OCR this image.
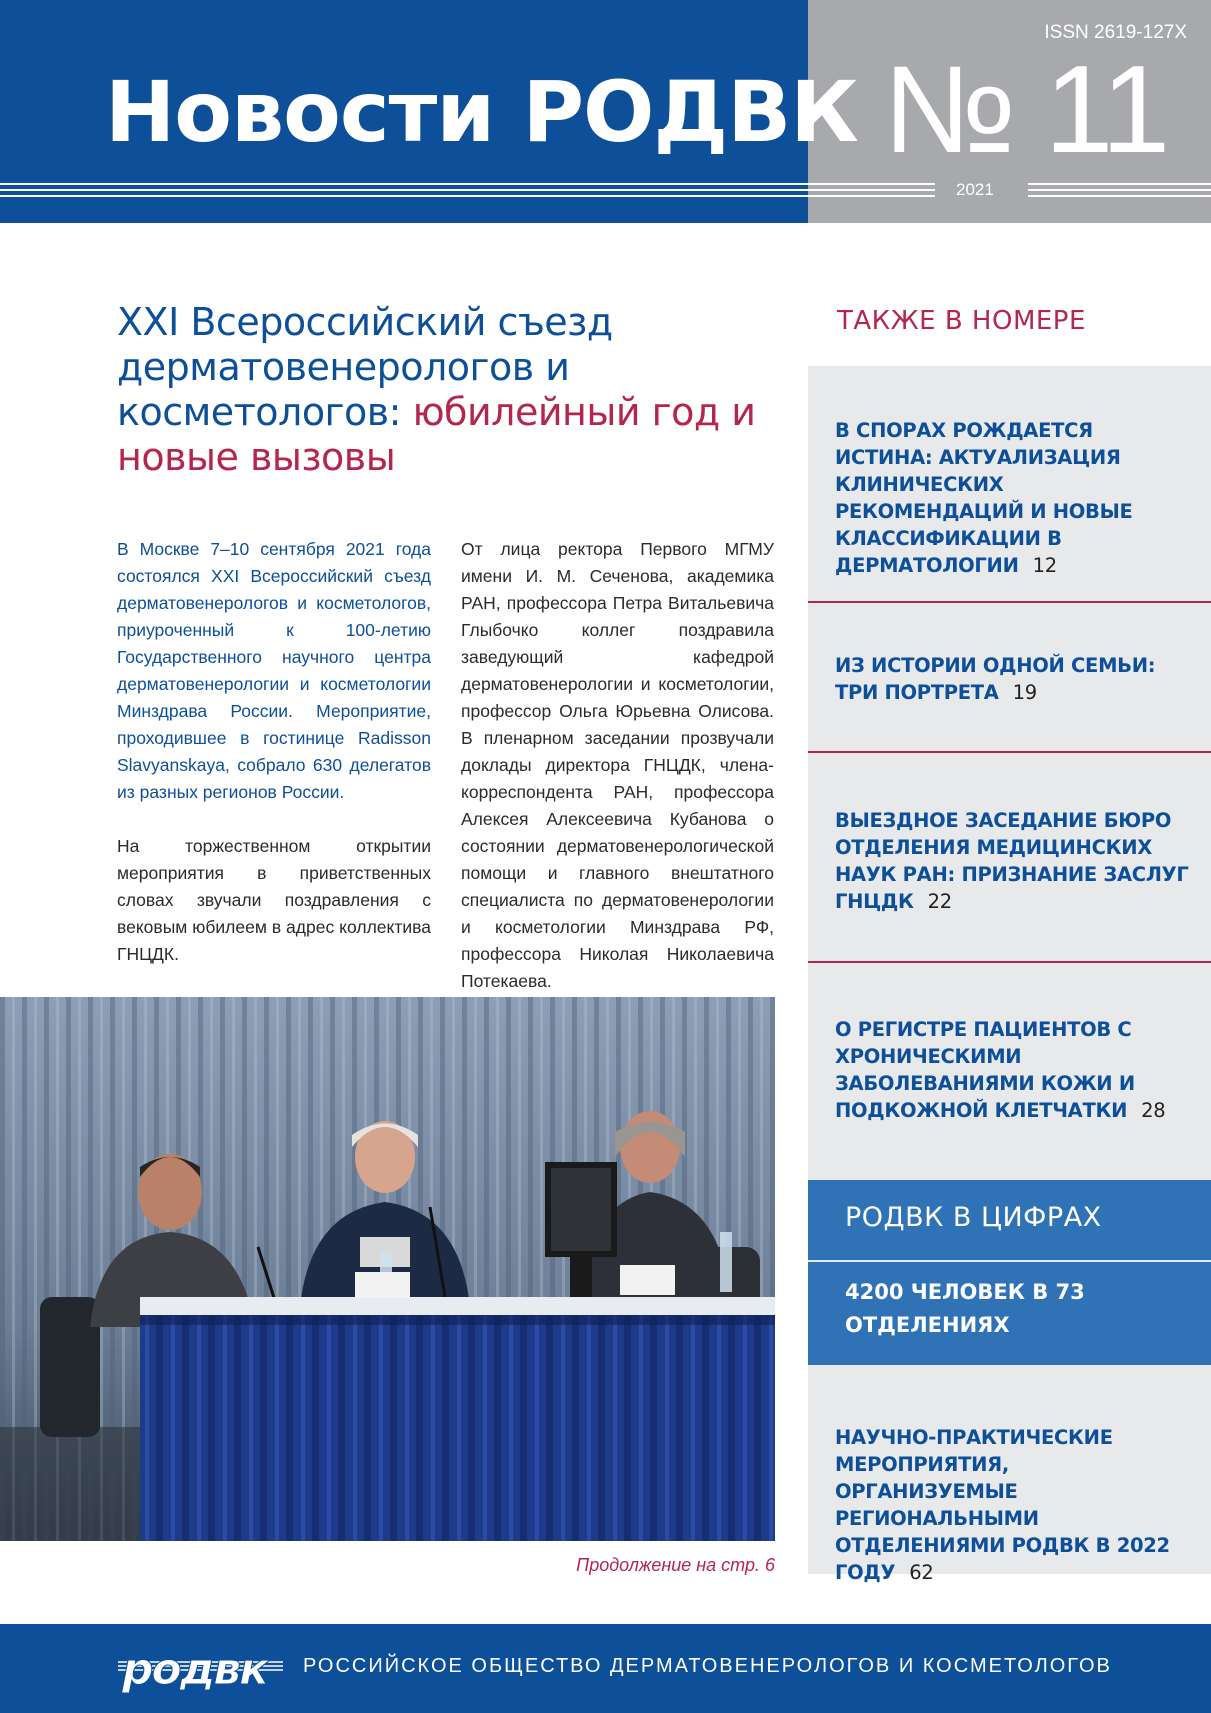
Новости РОДВК
ISSN 2619-127X
№ 11
2021
XXI Всероссийский съезд дерматовенерологов и косметологов: юбилейный год и новые вызовы

В Москве 7–10 сентября 2021 года состоялся XXI Всероссийский съезд дерматовенерологов и косметологов, приуроченный к 100-летию Государственного научного центра дерматовенерологии и косметологии Минздрава России. Мероприятие, проходившее в гостинице Radisson Slavyanskaya, собрало 630 делегатов из разных регионов России.

На торжественном открытии мероприятия в приветственных словах звучали поздравления с вековым юбилеем в адрес коллектива ГНЦДК.

От лица ректора Первого МГМУ имени И. М. Сеченова, академика РАН, профессора Петра Витальевича Глыбочко коллег поздравила заведующий кафедрой дерматовенерологии и косметологии, профессор Ольга Юрьевна Олисова. В пленарном заседании прозвучали доклады директора ГНЦДК, члена-корреспондента РАН, профессора Алексея Алексеевича Кубанова о состоянии дерматовенерологической помощи и главного внештатного специалиста по дерматовенерологии и косметологии Минздрава РФ, профессора Николая Николаевича Потекаева.

Продолжение на стр. 6
ТАКЖЕ В НОМЕРЕ
В СПОРАХ РОЖДАЕТСЯ ИСТИНА: АКТУАЛИЗАЦИЯ КЛИНИЧЕСКИХ РЕКОМЕНДАЦИЙ И НОВЫЕ КЛАССИФИКАЦИИ В ДЕРМАТОЛОГИИ 12
ИЗ ИСТОРИИ ОДНОЙ СЕМЬИ: ТРИ ПОРТРЕТА 19
ВЫЕЗДНОЕ ЗАСЕДАНИЕ БЮРО ОТДЕЛЕНИЯ МЕДИЦИНСКИХ НАУК РАН: ПРИЗНАНИЕ ЗАСЛУГ ГНЦДК 22
О РЕГИСТРЕ ПАЦИЕНТОВ С ХРОНИЧЕСКИМИ ЗАБОЛЕВАНИЯМИ КОЖИ И ПОДКОЖНОЙ КЛЕТЧАТКИ 28
РОДВК В ЦИФРАХ
4200 ЧЕЛОВЕК В 73 ОТДЕЛЕНИЯХ
НАУЧНО-ПРАКТИЧЕСКИЕ МЕРОПРИЯТИЯ, ОРГАНИЗУЕМЫЕ РЕГИОНАЛЬНЫМИ ОТДЕЛЕНИЯМИ РОДВК В 2022 ГОДУ 62
родвк РОССИЙСКОЕ ОБЩЕСТВО ДЕРМАТОВЕНЕРОЛОГОВ И КОСМЕТОЛОГОВ
